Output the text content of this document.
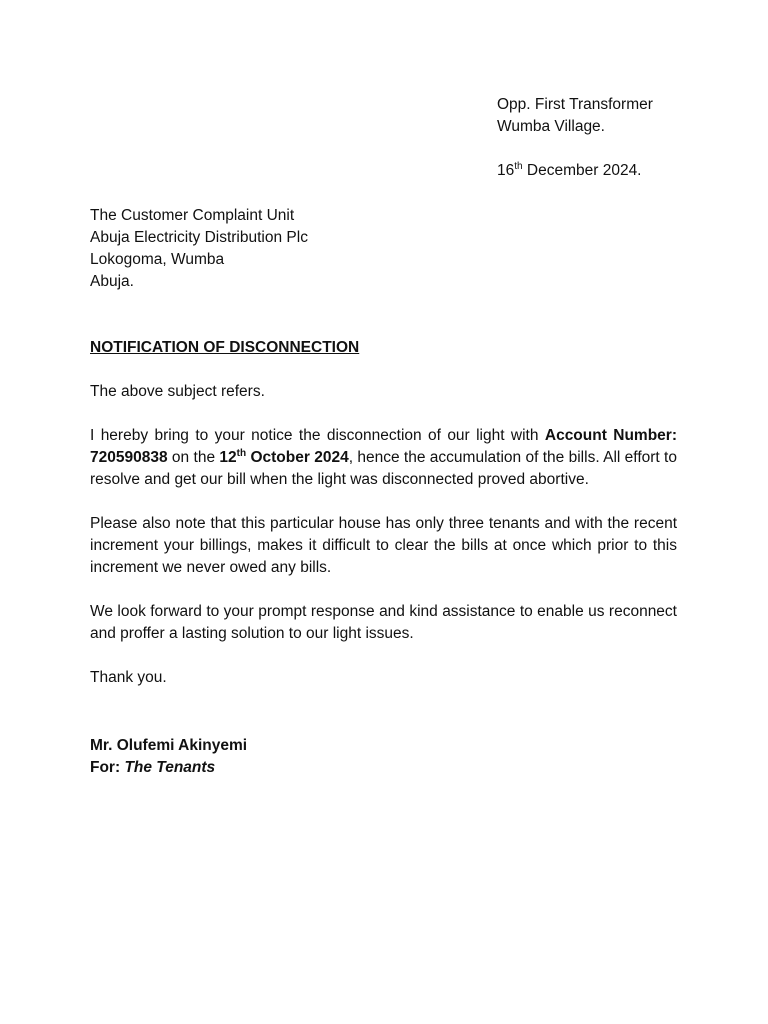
Opp. First Transformer
Wumba Village.
16th December 2024.
The Customer Complaint Unit
Abuja Electricity Distribution Plc
Lokogoma, Wumba
Abuja.
NOTIFICATION OF DISCONNECTION
The above subject refers.
I hereby bring to your notice the disconnection of our light with Account Number: 720590838 on the 12th October 2024, hence the accumulation of the bills. All effort to resolve and get our bill when the light was disconnected proved abortive.
Please also note that this particular house has only three tenants and with the recent increment your billings, makes it difficult to clear the bills at once which prior to this increment we never owed any bills.
We look forward to your prompt response and kind assistance to enable us reconnect and proffer a lasting solution to our light issues.
Thank you.
Mr. Olufemi Akinyemi
For: The Tenants
